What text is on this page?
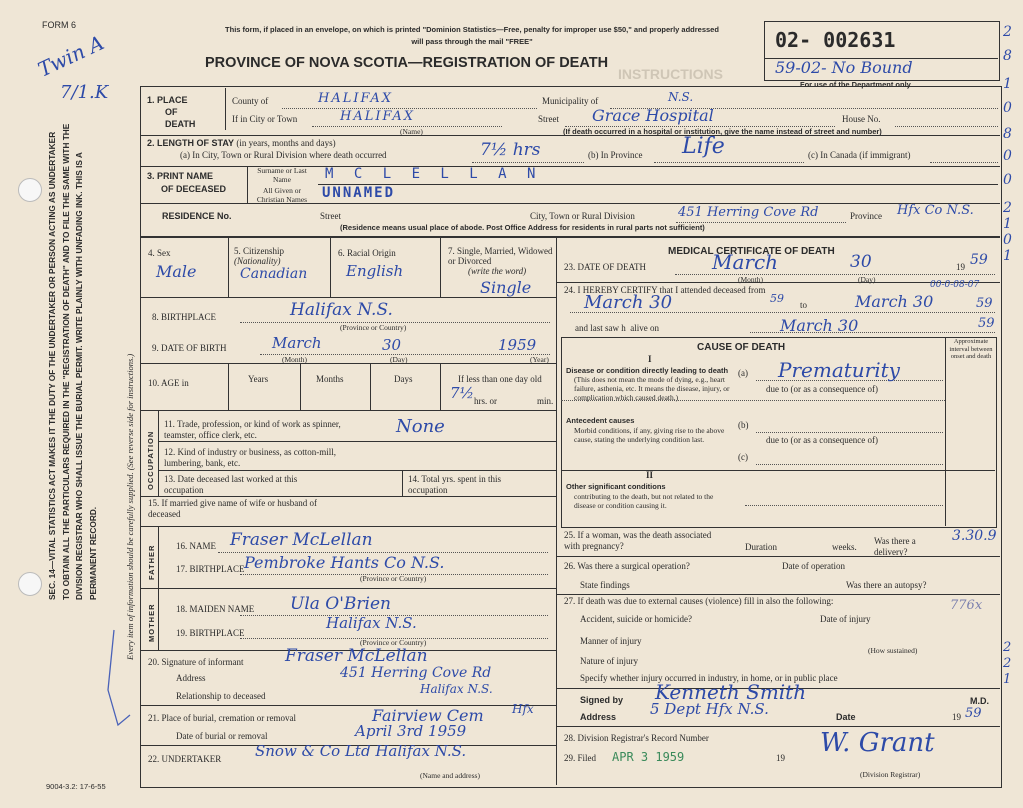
FORM 6
Twin A
7/1.K
SEC. 14—VITAL STATISTICS ACT MAKES IT THE DUTY OF THE UNDERTAKER OR PERSON ACTING AS UNDERTAKER TO OBTAIN ALL THE PARTICULARS REQUIRED IN THE "REGISTRATION OF DEATH" AND TO FILE THE SAME WITH THE DIVISION REGISTRAR WHO SHALL ISSUE THE BURIAL PERMIT. WRITE PLAINLY WITH UNFADING INK. THIS IS A PERMANENT RECORD.	Every item of information should be carefully supplied. (See reverse side for instructions.)
9004-3.2: 17-6-55
This form, if placed in an envelope, on which is printed "Dominion Statistics—Free, penalty for improper use $50," and properly addressed will pass through the mail "FREE"
PROVINCE OF NOVA SCOTIA—REGISTRATION OF DEATH
INSTRUCTIONS
02- 002631
59-02- No Bound
For use of the Department only
2
8
1
0
8
0
0
2
1
0
1
1. PLACE
OF
DEATH
County of	HALIFAX	Municipality of	N.S.
If in City or Town	HALIFAX
(Name)
Street Grace Hospital	House No.
(If death occurred in a hospital or institution, give the name instead of street and number)
2. LENGTH OF STAY (in years, months and days)
(a) In City, Town or Rural Division where death occurred	7½ hrs	(b) In Province Life	(c) In Canada (if immigrant)
3. PRINT NAME
OF DECEASED
Surname or Last Name	M C L E L L A N
All Given or Christian Names	UNNAMED
RESIDENCE No.	Street	City, Town or Rural Division	451 Herring Cove Rd	Province Hfx Co N.S.
(Residence means usual place of abode. Post Office Address for residents in rural parts not sufficient)
4. Sex
Male
5. Citizenship
(Nationality)
Canadian
6. Racial Origin
English
7. Single, Married, Widowed or Divorced
(write the word)
Single
8. BIRTHPLACE	Halifax N.S.
(Province or Country)
9. DATE OF BIRTH	March	30	1959
(Month)	(Day)	(Year)
10. AGE in	Years	Months	Days	If less than one day old
7½ hrs. or	min.
OCCUPATION
11. Trade, profession, or kind of work as spinner, teamster, office clerk, etc.	None
12. Kind of industry or business, as cotton-mill, lumbering, bank, etc.
13. Date deceased last worked at this occupation
14. Total yrs. spent in this occupation
15. If married give name of wife or husband of deceased
FATHER 16. NAME Fraser McLellan
17. BIRTHPLACE Pembroke Hants Co N.S.
(Province or Country)
MOTHER 18. MAIDEN NAME Ula O'Brien
19. BIRTHPLACE
Halifax N.S.
(Province or Country)
20. Signature of informant Fraser McLellan
Address	451 Herring Cove Rd
Halifax N.S.
Relationship to deceased
21. Place of burial, cremation or removal	Fairview Cem Hfx
Date of burial or removal	April 3rd 1959
22. UNDERTAKER Snow & Co Ltd Halifax N.S.
(Name and address)
MEDICAL CERTIFICATE OF DEATH
23. DATE OF DEATH	March	30	19 59
(Month)	(Day)
24. I HEREBY CERTIFY that I attended deceased from	00-0-08-07
March 30	59 to	March 30	59
and last saw h alive on	March 30	59
CAUSE OF DEATH
Approximate interval between onset and death
I
Disease or condition directly leading to death
(This does not mean the mode of dying, e.g., heart failure, asthenia, etc. It means the disease, injury, or complication which caused death.)
(a) Prematurity
due to (or as a consequence of)
Antecedent causes
Morbid conditions, if any, giving rise to the above cause, stating the underlying condition last.
(b)
due to (or as a consequence of)
(c)
II
Other significant conditions
contributing to the death, but not related to the disease or condition causing it.
25. If a woman, was the death associated with pregnancy?	Duration	weeks.
Was there a delivery?
3.30.9
26. Was there a surgical operation?	Date of operation
State findings	Was there an autopsy?
27. If death was due to external causes (violence) fill in also the following:	776x
Accident, suicide or homicide?	Date of injury
Manner of injury
Nature of injury
(How sustained)
Specify whether injury occurred in industry, in home, or in public place
2
2
1
Signed by Kenneth Smith	M.D.
Address 5 Dept Hfx N.S.	Date	19 59
28. Division Registrar's Record Number
29. Filed APR 3 1959	19 W. Grant
(Division Registrar)
